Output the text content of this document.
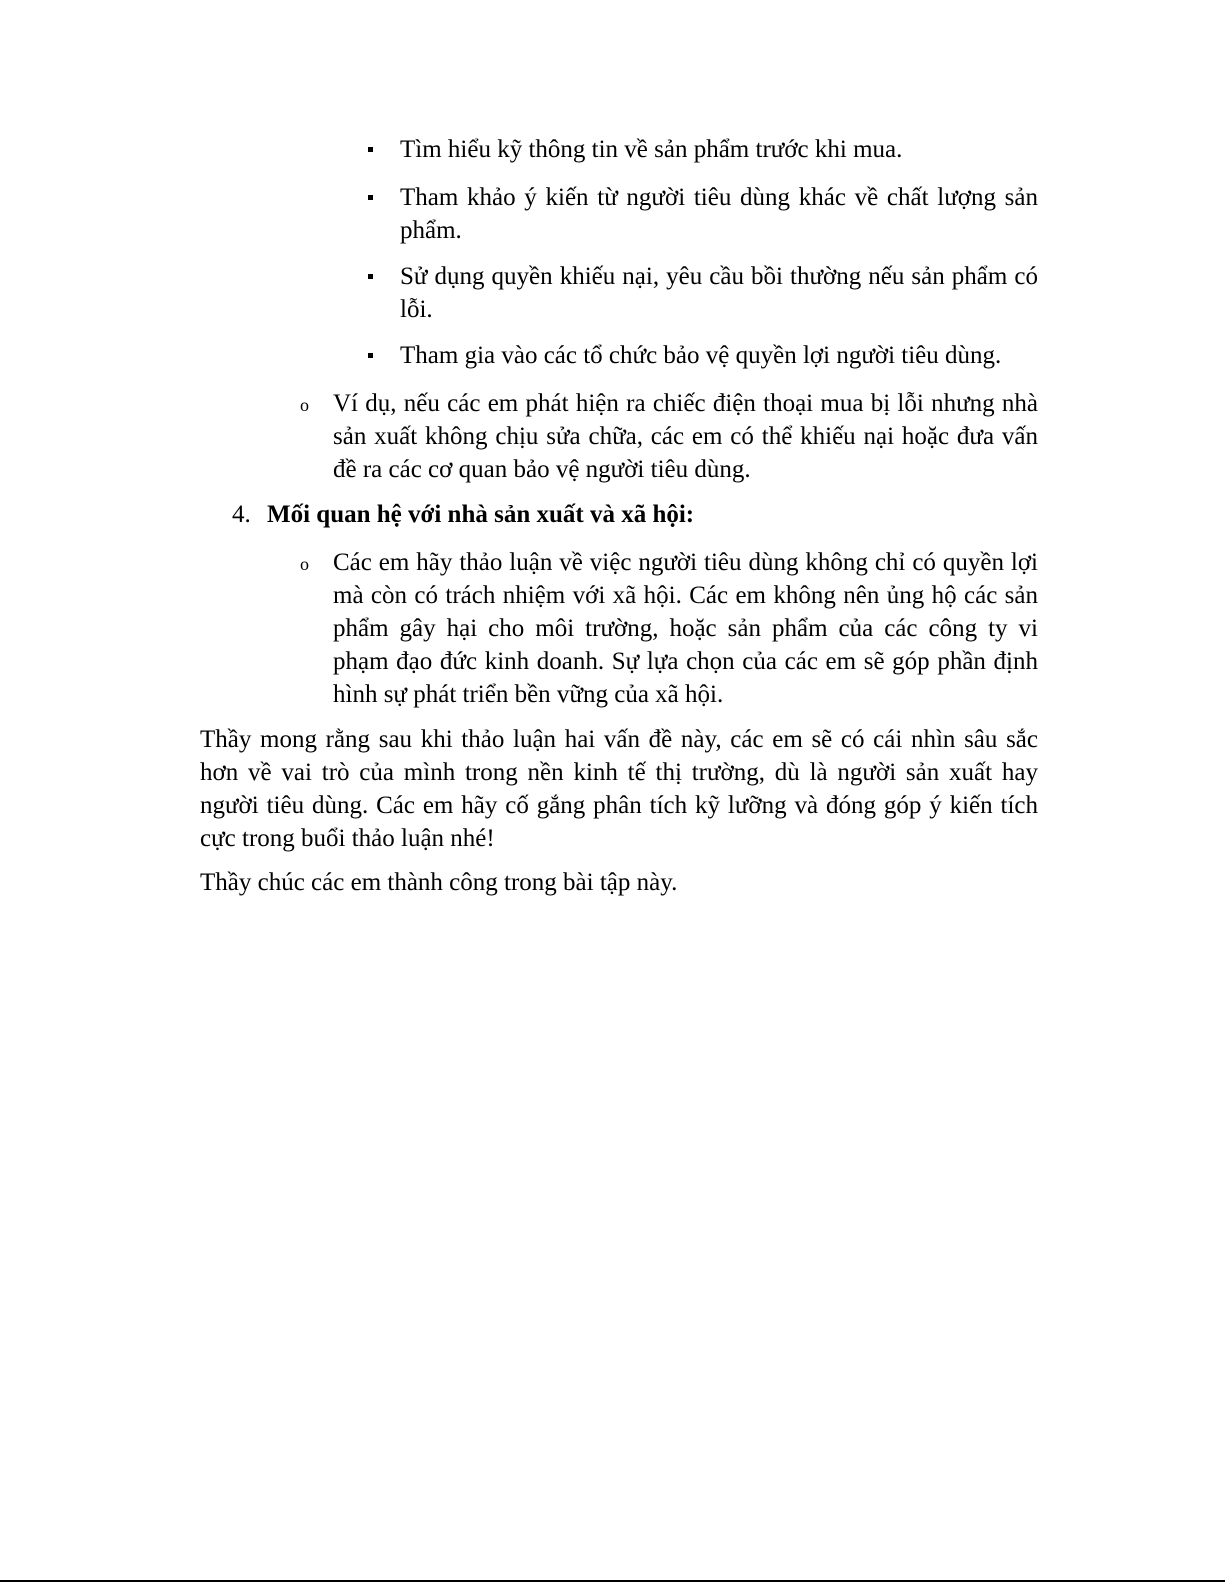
Tìm hiểu kỹ thông tin về sản phẩm trước khi mua.
Tham khảo ý kiến từ người tiêu dùng khác về chất lượng sản phẩm.
Sử dụng quyền khiếu nại, yêu cầu bồi thường nếu sản phẩm có lỗi.
Tham gia vào các tổ chức bảo vệ quyền lợi người tiêu dùng.
o Ví dụ, nếu các em phát hiện ra chiếc điện thoại mua bị lỗi nhưng nhà sản xuất không chịu sửa chữa, các em có thể khiếu nại hoặc đưa vấn đề ra các cơ quan bảo vệ người tiêu dùng.
4. Mối quan hệ với nhà sản xuất và xã hội:
o Các em hãy thảo luận về việc người tiêu dùng không chỉ có quyền lợi mà còn có trách nhiệm với xã hội. Các em không nên ủng hộ các sản phẩm gây hại cho môi trường, hoặc sản phẩm của các công ty vi phạm đạo đức kinh doanh. Sự lựa chọn của các em sẽ góp phần định hình sự phát triển bền vững của xã hội.
Thầy mong rằng sau khi thảo luận hai vấn đề này, các em sẽ có cái nhìn sâu sắc hơn về vai trò của mình trong nền kinh tế thị trường, dù là người sản xuất hay người tiêu dùng. Các em hãy cố gắng phân tích kỹ lưỡng và đóng góp ý kiến tích cực trong buổi thảo luận nhé!
Thầy chúc các em thành công trong bài tập này.
